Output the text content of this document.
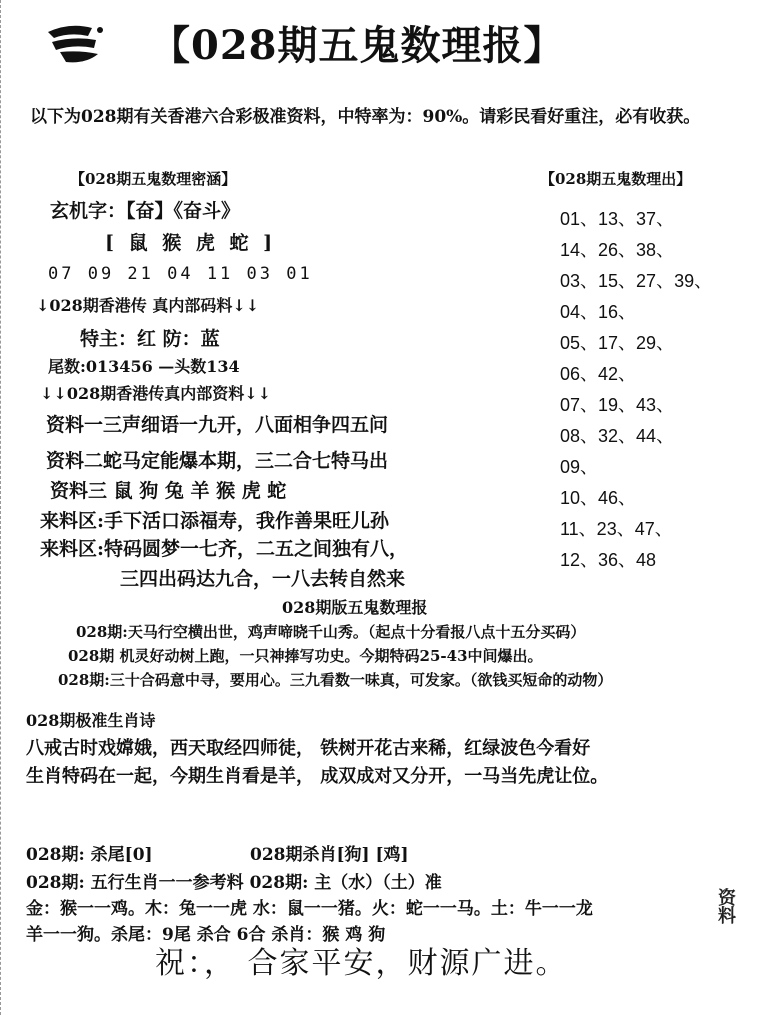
【028期五鬼数理报】
以下为028期有关香港六合彩极准资料，中特率为：90%。请彩民看好重注，必有收获。
【028期五鬼数理密涵】
玄机字：【奋】《奋斗》
[ 鼠 猴 虎 蛇 ]
07 09 21 04 11 03 01
↓028期香港传 真内部码料↓↓
特主：红 防：蓝
尾数:013456 —头数134
↓↓028期香港传真内部资料↓↓
资料一三声细语一九开，八面相争四五问
资料二蛇马定能爆本期，三二合七特马出
资料三 鼠 狗 兔 羊 猴 虎 蛇
来料区:手下活口添福寿，我作善果旺儿孙
来料区:特码圆梦一七齐，二五之间独有八，
三四出码达九合，一八去转自然来
【028期五鬼数理出】
01、13、37、
14、26、38、
03、15、27、39、
04、16、
05、17、29、
06、42、
07、19、43、
08、32、44、
09、
10、46、
11、23、47、
12、36、48
028期版五鬼数理报
028期:天马行空横出世，鸡声啼晓千山秀。（起点十分看报八点十五分买码）
028期 机灵好动树上跑，一只神捧写功史。今期特码25-43中间爆出。
028期:三十合码意中寻，要用心。三九看数一味真，可发家。（欲钱买短命的动物）
028期极准生肖诗
八戒古时戏嫦娥，西天取经四师徒， 铁树开花古来稀，红绿波色今看好
生肖特码在一起，今期生肖看是羊， 成双成对又分开，一马当先虎让位。
028期: 杀尾[0]	028期杀肖[狗] [鸡]
028期: 五行生肖一一参考料 028期: 主（水）（土）准
金：猴一一鸡。木：兔一一虎 水：鼠一一猪。火：蛇一一马。土：牛一一龙
羊一一狗。杀尾：9尾 杀合 6合 杀肖：猴 鸡 狗
资料
祝：， 合家平安，财源广进。
